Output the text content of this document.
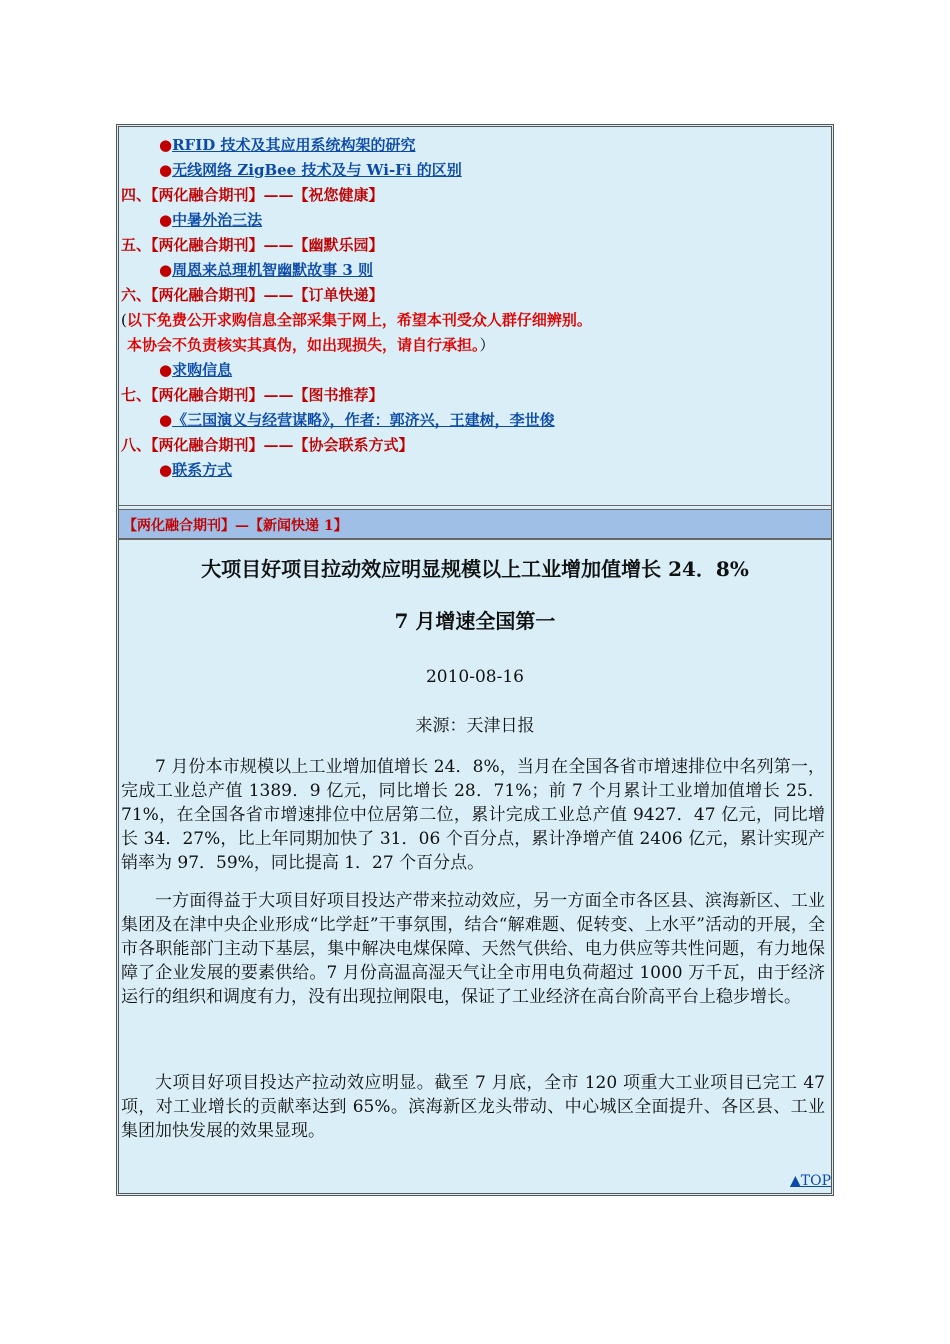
●RFID 技术及其应用系统构架的研究
●无线网络 ZigBee 技术及与 Wi-Fi 的区别
四、【两化融合期刊】——【祝您健康】
●中暑外治三法
五、【两化融合期刊】——【幽默乐园】
●周恩来总理机智幽默故事 3 则
六、【两化融合期刊】——【订单快递】
(以下免费公开求购信息全部采集于网上，希望本刊受众人群仔细辨别。
本协会不负责核实其真伪，如出现损失，请自行承担。）
●求购信息
七、【两化融合期刊】——【图书推荐】
●《三国演义与经营谋略》，作者：郭济兴，王建树，李世俊
八、【两化融合期刊】——【协会联系方式】
●联系方式
【两化融合期刊】—【新闻快递 1】
大项目好项目拉动效应明显规模以上工业增加值增长 24．8%
7 月增速全国第一
2010-08-16
来源：天津日报
7 月份本市规模以上工业增加值增长 24．8%，当月在全国各省市增速排位中名列第一，完成工业总产值 1389．9 亿元，同比增长 28．71%；前 7 个月累计工业增加值增长 25．71%，在全国各省市增速排位中位居第二位，累计完成工业总产值 9427．47 亿元，同比增长 34．27%，比上年同期加快了 31．06 个百分点，累计净增产值 2406 亿元，累计实现产销率为 97．59%，同比提高 1．27 个百分点。
一方面得益于大项目好项目投达产带来拉动效应，另一方面全市各区县、滨海新区、工业集团及在津中央企业形成“比学赶”干事氛围，结合“解难题、促转变、上水平”活动的开展，全市各职能部门主动下基层，集中解决电煤保障、天然气供给、电力供应等共性问题，有力地保障了企业发展的要素供给。7 月份高温高湿天气让全市用电负荷超过 1000 万千瓦，由于经济运行的组织和调度有力，没有出现拉闸限电，保证了工业经济在高台阶高平台上稳步增长。
大项目好项目投达产拉动效应明显。截至 7 月底，全市 120 项重大工业项目已完工 47 项，对工业增长的贡献率达到 65%。滨海新区龙头带动、中心城区全面提升、各区县、工业集团加快发展的效果显现。
▲TOP
